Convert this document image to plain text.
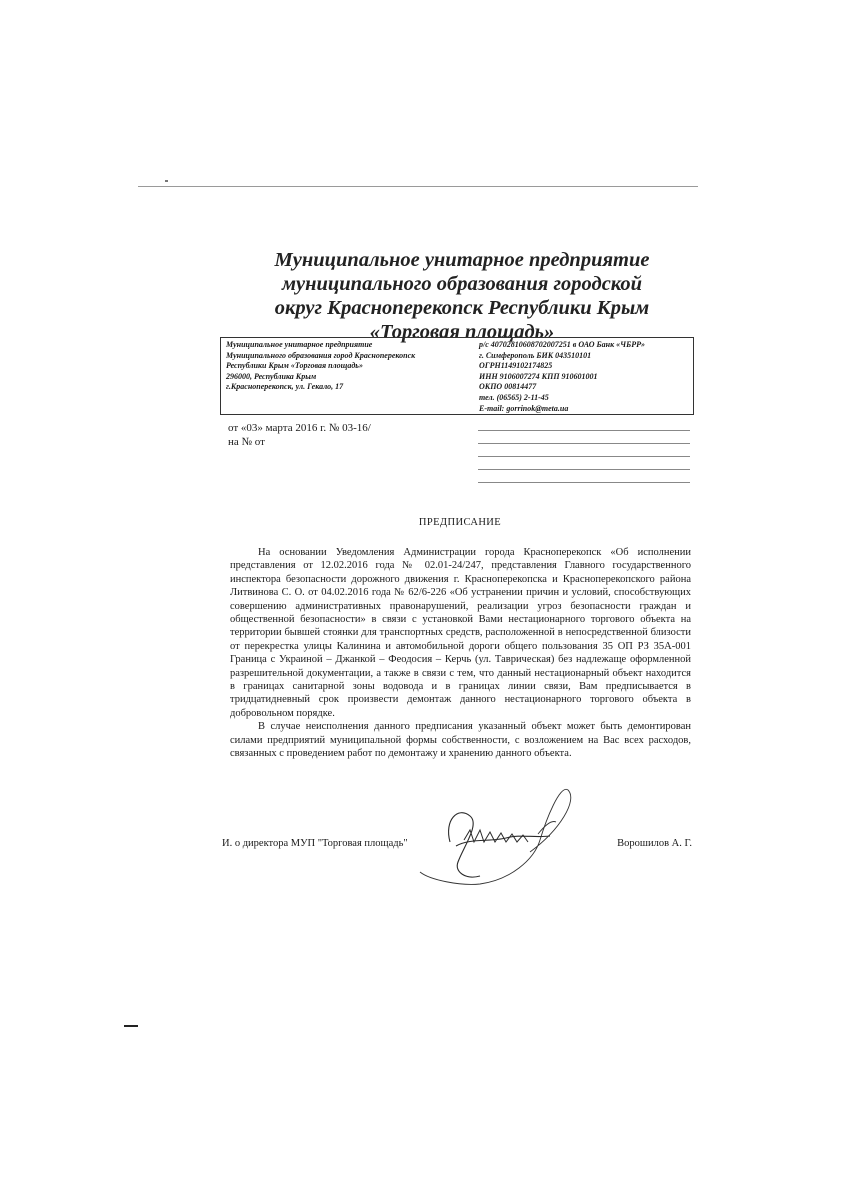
Муниципальное унитарное предприятие
муниципального образования городской
округ Красноперекопск Республики Крым
«Торговая площадь»
Муниципальное унитарное предприятие
Муниципального образования город Красноперекопск
Республики Крым «Торговая площадь»
296000, Республика Крым
г.Красноперекопск, ул. Гекало, 17
р/с 40702810608702007251 в ОАО Банк «ЧБРР»
г. Симферополь БИК 043510101
ОГРН1149102174825
ИНН 9106007274 КПП 910601001
ОКПО 00814477
тел. (06565) 2-11-45
E-mail: gorrinok@meta.ua
от «03» марта 2016 г. № 03-16/
на № от
ПРЕДПИСАНИЕ

На основании Уведомления Администрации города Красноперекопск «Об исполнении представления от 12.02.2016 года № 02.01-24/247, представления Главного государственного инспектора безопасности дорожного движения г. Красноперекопска и Красноперекопского района Литвинова С. О. от 04.02.2016 года № 62/6-226 «Об устранении причин и условий, способствующих совершению административных правонарушений, реализации угроз безопасности граждан и общественной безопасности» в связи с установкой Вами нестационарного торгового объекта на территории бывшей стоянки для транспортных средств, расположенной в непосредственной близости от перекрестка улицы Калинина и автомобильной дороги общего пользования 35 ОП РЗ 35А-001 Граница с Украиной – Джанкой – Феодосия – Керчь (ул. Таврическая) без надлежаще оформленной разрешительной документации, а также в связи с тем, что данный нестационарный объект находится в границах санитарной зоны водовода и в границах линии связи, Вам предписывается в тридцатидневный срок произвести демонтаж данного нестационарного торгового объекта в добровольном порядке.

В случае неисполнения данного предписания указанный объект может быть демонтирован силами предприятий муниципальной формы собственности, с возложением на Вас всех расходов, связанных с проведением работ по демонтажу и хранению данного объекта.

И. о директора МУП "Торговая площадь"	Ворошилов А. Г.
